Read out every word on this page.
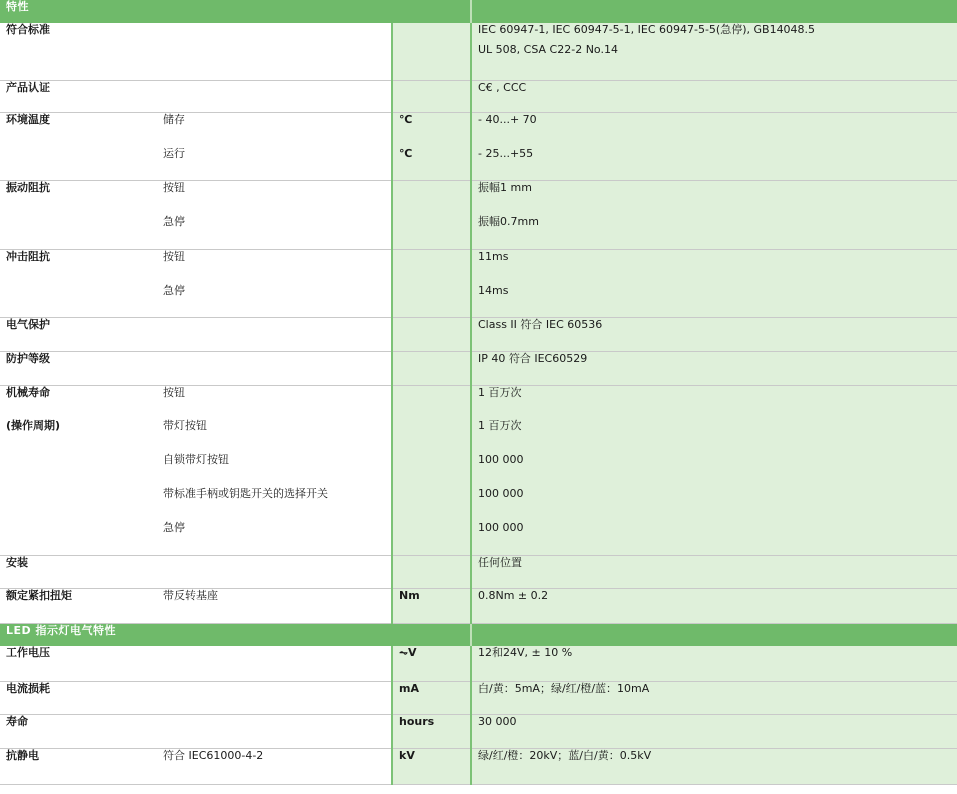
特性			
符合标准			IEC 60947-1, IEC 60947-5-1, IEC 60947-5-5(急停), GB14048.5
UL 508, CSA C22-2 No.14

产品认证			C€ , CCC
环境温度	储存	℃	- 40...+ 70
	运行	℃	- 25...+55
振动阻抗	按钮		振幅1 mm
	急停		振幅0.7mm
冲击阻抗	按钮		11ms
	急停		14ms
电气保护			Class II 符合 IEC 60536
防护等级			IP 40 符合 IEC60529
机械寿命	按钮		1 百万次
(操作周期)	带灯按钮		1 百万次
	自锁带灯按钮		100 000
	带标准手柄或钥匙开关的选择开关		100 000
	急停		100 000
安装			任何位置
额定紧扣扭矩	带反转基座	Nm	0.8Nm ± 0.2
LED 指示灯电气特性			
工作电压		⏦V	12和24V, ± 10 %
电流损耗		mA	白/黄：5mA；绿/红/橙/蓝：10mA
寿命		hours	30 000
抗静电	符合 IEC61000-4-2	kV	绿/红/橙：20kV；蓝/白/黄：0.5kV
